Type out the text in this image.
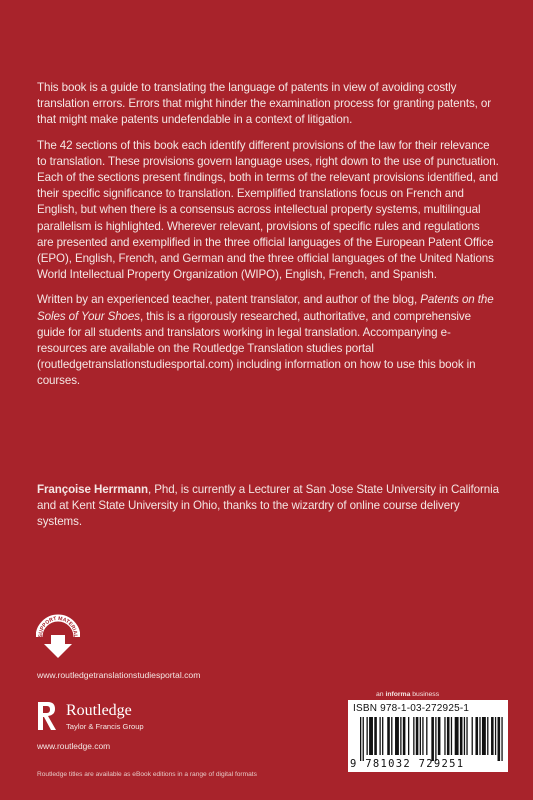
This book is a guide to translating the language of patents in view of avoiding costly translation errors. Errors that might hinder the examination process for granting patents, or that might make patents undefendable in a context of litigation.

The 42 sections of this book each identify different provisions of the law for their relevance to translation. These provisions govern language uses, right down to the use of punctuation. Each of the sections present findings, both in terms of the relevant provisions identified, and their specific significance to translation. Exemplified translations focus on French and English, but when there is a consensus across intellectual property systems, multilingual parallelism is highlighted. Wherever relevant, provisions of specific rules and regulations are presented and exemplified in the three official languages of the European Patent Office (EPO), English, French, and German and the three official languages of the United Nations World Intellectual Property Organization (WIPO), English, French, and Spanish.

Written by an experienced teacher, patent translator, and author of the blog, Patents on the Soles of Your Shoes, this is a rigorously researched, authoritative, and comprehensive guide for all students and translators working in legal translation. Accompanying e-resources are available on the Routledge Translation studies portal (routledgetranslationstudiesportal.com) including information on how to use this book in courses.

Françoise Herrmann, Phd, is currently a Lecturer at San Jose State University in California and at Kent State University in Ohio, thanks to the wizardry of online course delivery systems.
SUPPORT MATERIAL
www.routledgetranslationstudiesportal.com
Routledge
Taylor & Francis Group
www.routledge.com
Routledge titles are available as eBook editions in a range of digital formats
an informa business
ISBN 978-1-03-272925-1
9 781032 729251
